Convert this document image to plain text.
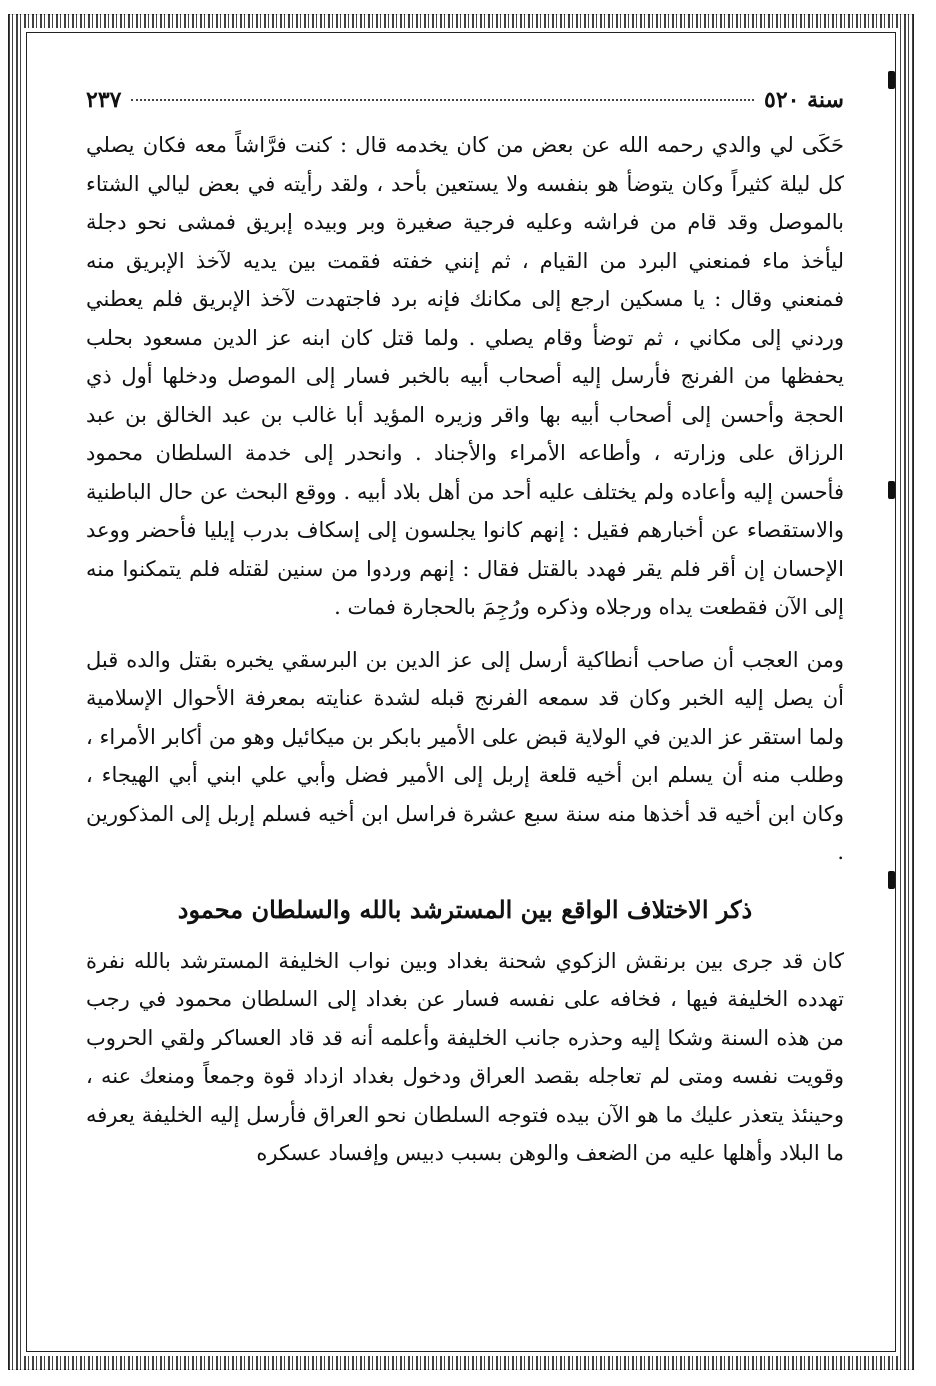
سنة ٥٢٠
٢٣٧

حَكَى لي والدي رحمه الله عن بعض من كان يخدمه قال : كنت فرَّاشاً معه فكان يصلي كل ليلة كثيراً وكان يتوضأ هو بنفسه ولا يستعين بأحد ، ولقد رأيته في بعض ليالي الشتاء بالموصل وقد قام من فراشه وعليه فرجية صغيرة وبر وبيده إبريق فمشى نحو دجلة ليأخذ ماء فمنعني البرد من القيام ، ثم إنني خفته فقمت بين يديه لآخذ الإبريق منه فمنعني وقال : يا مسكين ارجع إلى مكانك فإنه برد فاجتهدت لآخذ الإبريق فلم يعطني وردني إلى مكاني ، ثم توضأ وقام يصلي . ولما قتل كان ابنه عز الدين مسعود بحلب يحفظها من الفرنج فأرسل إليه أصحاب أبيه بالخبر فسار إلى الموصل ودخلها أول ذي الحجة وأحسن إلى أصحاب أبيه بها واقر وزيره المؤيد أبا غالب بن عبد الخالق بن عبد الرزاق على وزارته ، وأطاعه الأمراء والأجناد . وانحدر إلى خدمة السلطان محمود فأحسن إليه وأعاده ولم يختلف عليه أحد من أهل بلاد أبيه . ووقع البحث عن حال الباطنية والاستقصاء عن أخبارهم فقيل : إنهم كانوا يجلسون إلى إسكاف بدرب إيليا فأحضر ووعد الإحسان إن أقر فلم يقر فهدد بالقتل فقال : إنهم وردوا من سنين لقتله فلم يتمكنوا منه إلى الآن فقطعت يداه ورجلاه وذكره ورُجِمَ بالحجارة فمات .

ومن العجب أن صاحب أنطاكية أرسل إلى عز الدين بن البرسقي يخبره بقتل والده قبل أن يصل إليه الخبر وكان قد سمعه الفرنج قبله لشدة عنايته بمعرفة الأحوال الإسلامية ولما استقر عز الدين في الولاية قبض على الأمير بابكر بن ميكائيل وهو من أكابر الأمراء ، وطلب منه أن يسلم ابن أخيه قلعة إربل إلى الأمير فضل وأبي علي ابني أبي الهيجاء ، وكان ابن أخيه قد أخذها منه سنة سبع عشرة فراسل ابن أخيه فسلم إربل إلى المذكورين .

ذكر الاختلاف الواقع بين المسترشد بالله والسلطان محمود

كان قد جرى بين برنقش الزكوي شحنة بغداد وبين نواب الخليفة المسترشد بالله نفرة تهدده الخليفة فيها ، فخافه على نفسه فسار عن بغداد إلى السلطان محمود في رجب من هذه السنة وشكا إليه وحذره جانب الخليفة وأعلمه أنه قد قاد العساكر ولقي الحروب وقويت نفسه ومتى لم تعاجله بقصد العراق ودخول بغداد ازداد قوة وجمعاً ومنعك عنه ، وحينئذ يتعذر عليك ما هو الآن بيده فتوجه السلطان نحو العراق فأرسل إليه الخليفة يعرفه ما البلاد وأهلها عليه من الضعف والوهن بسبب دبيس وإفساد عسكره
